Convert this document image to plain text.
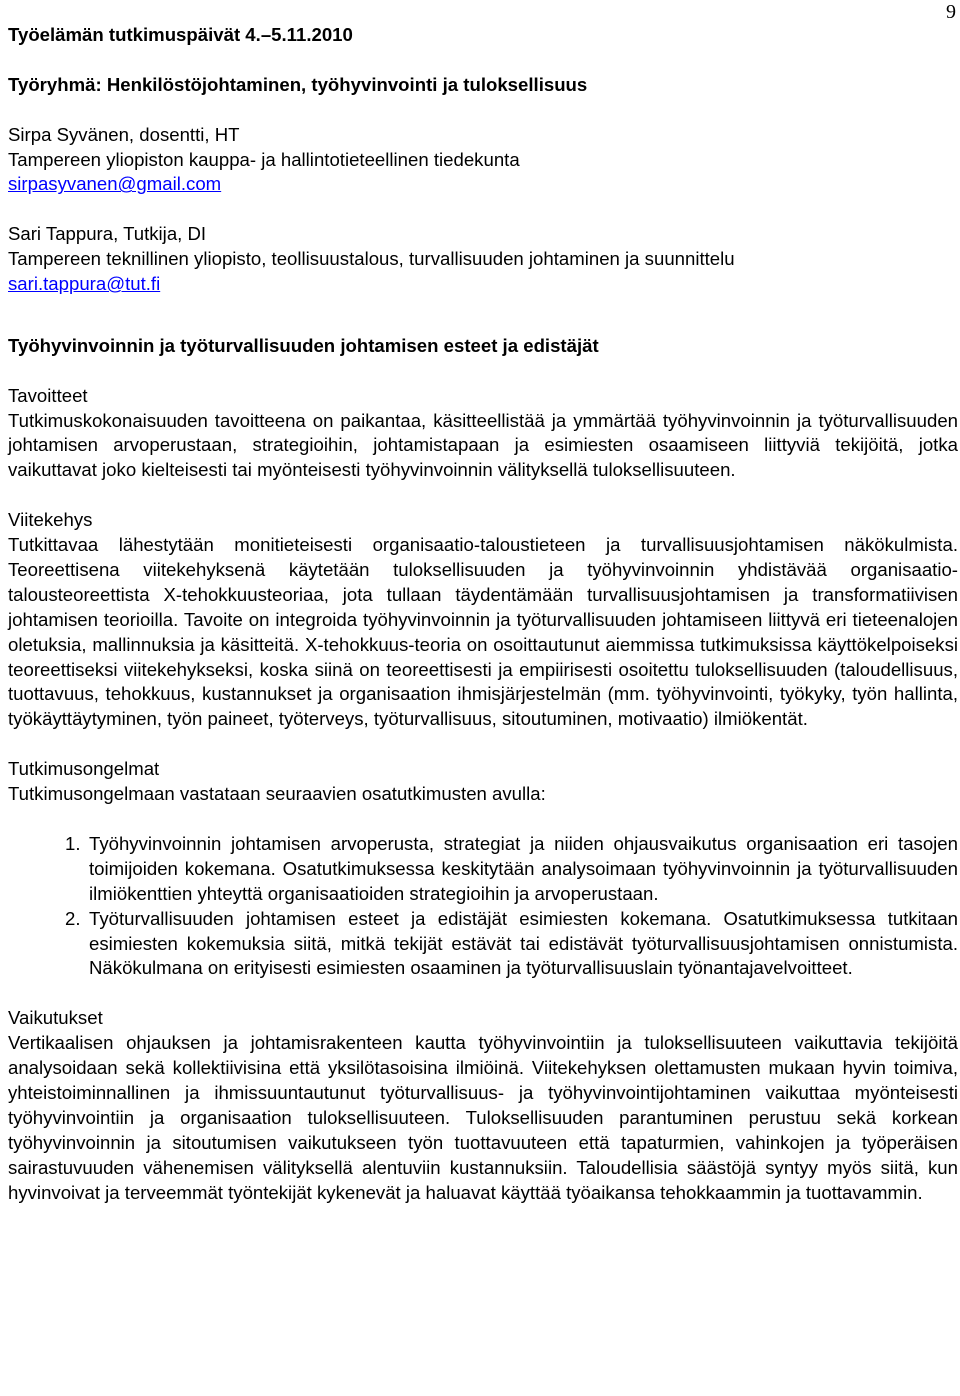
9

Työelämän tutkimuspäivät 4.–5.11.2010

Työryhmä: Henkilöstöjohtaminen, työhyvinvointi ja tuloksellisuus

Sirpa Syvänen, dosentti, HT

Tampereen yliopiston kauppa- ja hallintotieteellinen tiedekunta

sirpasyvanen@gmail.com

Sari Tappura, Tutkija, DI

Tampereen teknillinen yliopisto, teollisuustalous, turvallisuuden johtaminen ja suunnittelu

sari.tappura@tut.fi

Työhyvinvoinnin ja työturvallisuuden johtamisen esteet ja edistäjät

Tavoitteet

Tutkimuskokonaisuuden tavoitteena on paikantaa, käsitteellistää ja ymmärtää työhyvinvoinnin ja työturvallisuuden johtamisen arvoperustaan, strategioihin, johtamistapaan ja esimiesten osaamiseen liittyviä tekijöitä, jotka vaikuttavat joko kielteisesti tai myönteisesti työhyvinvoinnin välityksellä tuloksellisuuteen.

Viitekehys

Tutkittavaa lähestytään monitieteisesti organisaatio-taloustieteen ja turvallisuusjohtamisen näkökulmista. Teoreettisena viitekehyksenä käytetään tuloksellisuuden ja työhyvinvoinnin yhdistävää organisaatio-talousteoreettista X-tehokkuusteoriaa, jota tullaan täydentämään turvallisuusjohtamisen ja transformatiivisen johtamisen teorioilla. Tavoite on integroida työhyvinvoinnin ja työturvallisuuden johtamiseen liittyvä eri tieteenalojen oletuksia, mallinnuksia ja käsitteitä. X-tehokkuus-teoria on osoittautunut aiemmissa tutkimuksissa käyttökelpoiseksi teoreettiseksi viitekehykseksi, koska siinä on teoreettisesti ja empiirisesti osoitettu tuloksellisuuden (taloudellisuus, tuottavuus, tehokkuus, kustannukset ja organisaation ihmisjärjestelmän (mm. työhyvinvointi, työkyky, työn hallinta, työkäyttäytyminen, työn paineet, työterveys, työturvallisuus, sitoutuminen, motivaatio) ilmiökentät.

Tutkimusongelmat

Tutkimusongelmaan vastataan seuraavien osatutkimusten avulla:

1. Työhyvinvoinnin johtamisen arvoperusta, strategiat ja niiden ohjausvaikutus organisaation eri tasojen toimijoiden kokemana. Osatutkimuksessa keskitytään analysoimaan työhyvinvoinnin ja työturvallisuuden ilmiökenttien yhteyttä organisaatioiden strategioihin ja arvoperustaan.
2. Työturvallisuuden johtamisen esteet ja edistäjät esimiesten kokemana. Osatutkimuksessa tutkitaan esimiesten kokemuksia siitä, mitkä tekijät estävät tai edistävät työturvallisuusjohtamisen onnistumista. Näkökulmana on erityisesti esimiesten osaaminen ja työturvallisuuslain työnantajavelvoitteet.

Vaikutukset

Vertikaalisen ohjauksen ja johtamisrakenteen kautta työhyvinvointiin ja tuloksellisuuteen vaikuttavia tekijöitä analysoidaan sekä kollektiivisina että yksilötasoisina ilmiöinä. Viitekehyksen olettamusten mukaan hyvin toimiva, yhteistoiminnallinen ja ihmissuuntautunut työturvallisuus- ja työhyvinvointijohtaminen vaikuttaa myönteisesti työhyvinvointiin ja organisaation tuloksellisuuteen. Tuloksellisuuden parantuminen perustuu sekä korkean työhyvinvoinnin ja sitoutumisen vaikutukseen työn tuottavuuteen että tapaturmien, vahinkojen ja työperäisen sairastuvuuden vähenemisen välityksellä alentuviin kustannuksiin. Taloudellisia säästöjä syntyy myös siitä, kun hyvinvoivat ja terveemmät työntekijät kykenevät ja haluavat käyttää työaikansa tehokkaammin ja tuottavammin.
